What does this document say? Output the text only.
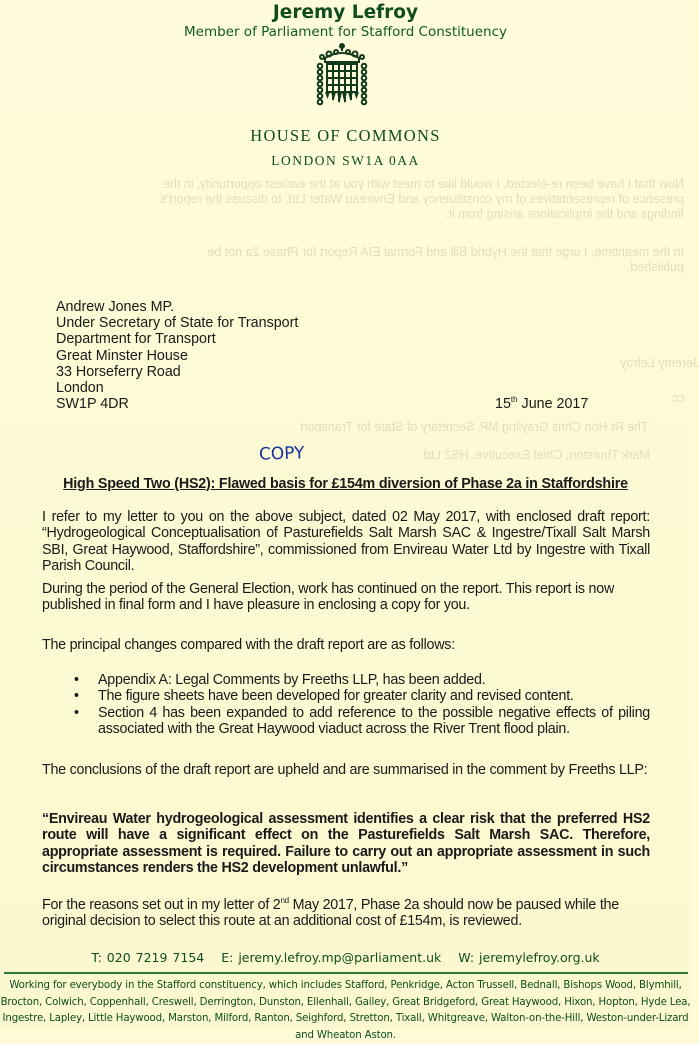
Jeremy Lefroy
Member of Parliament for Stafford Constituency
HOUSE OF COMMONS
LONDON SW1A 0AA
Now that I have been re-elected, I would like to meet with you at the earliest opportunity, in the
presence of representatives of my constituency and Envireau Water Ltd, to discuss the report's
findings and the implications arising from it.
In the meantime, I urge that the Hybrid Bill and Formal EIA Report for Phase 2a not be
published.
Jeremy Lefroy
cc
The Rt Hon Chris Grayling MP, Secretary of State for Transport
Mark Thurston, Chief Executive, HS2 Ltd.
Andrew Jones MP.
Under Secretary of State for Transport
Department for Transport
Great Minster House
33 Horseferry Road
London
SW1P 4DR	15th June 2017
COPY
High Speed Two (HS2): Flawed basis for £154m diversion of Phase 2a in Staffordshire
I refer to my letter to you on the above subject, dated 02 May 2017, with enclosed draft report: “Hydrogeological Conceptualisation of Pasturefields Salt Marsh SAC & Ingestre/Tixall Salt Marsh SBI, Great Haywood, Staffordshire”, commissioned from Envireau Water Ltd by Ingestre with Tixall Parish Council.
During the period of the General Election, work has continued on the report. This report is now published in final form and I have pleasure in enclosing a copy for you.
The principal changes compared with the draft report are as follows:
• Appendix A: Legal Comments by Freeths LLP, has been added.
• The figure sheets have been developed for greater clarity and revised content.
• Section 4 has been expanded to add reference to the possible negative effects of piling associated with the Great Haywood viaduct across the River Trent flood plain.
The conclusions of the draft report are upheld and are summarised in the comment by Freeths LLP:
“Envireau Water hydrogeological assessment identifies a clear risk that the preferred HS2 route will have a significant effect on the Pasturefields Salt Marsh SAC. Therefore, appropriate assessment is required. Failure to carry out an appropriate assessment in such circumstances renders the HS2 development unlawful.”
For the reasons set out in my letter of 2nd May 2017, Phase 2a should now be paused while the original decision to select this route at an additional cost of £154m, is reviewed.
T: 020 7219 7154 E: jeremy.lefroy.mp@parliament.uk W: jeremylefroy.org.uk
Working for everybody in the Stafford constituency, which includes Stafford, Penkridge, Acton Trussell, Bednall, Bishops Wood, Blymhill, Brocton, Colwich, Coppenhall, Creswell, Derrington, Dunston, Ellenhall, Gailey, Great Bridgeford, Great Haywood, Hixon, Hopton, Hyde Lea, Ingestre, Lapley, Little Haywood, Marston, Milford, Ranton, Seighford, Stretton, Tixall, Whitgreave, Walton-on-the-Hill, Weston-under-Lizard and Wheaton Aston.
